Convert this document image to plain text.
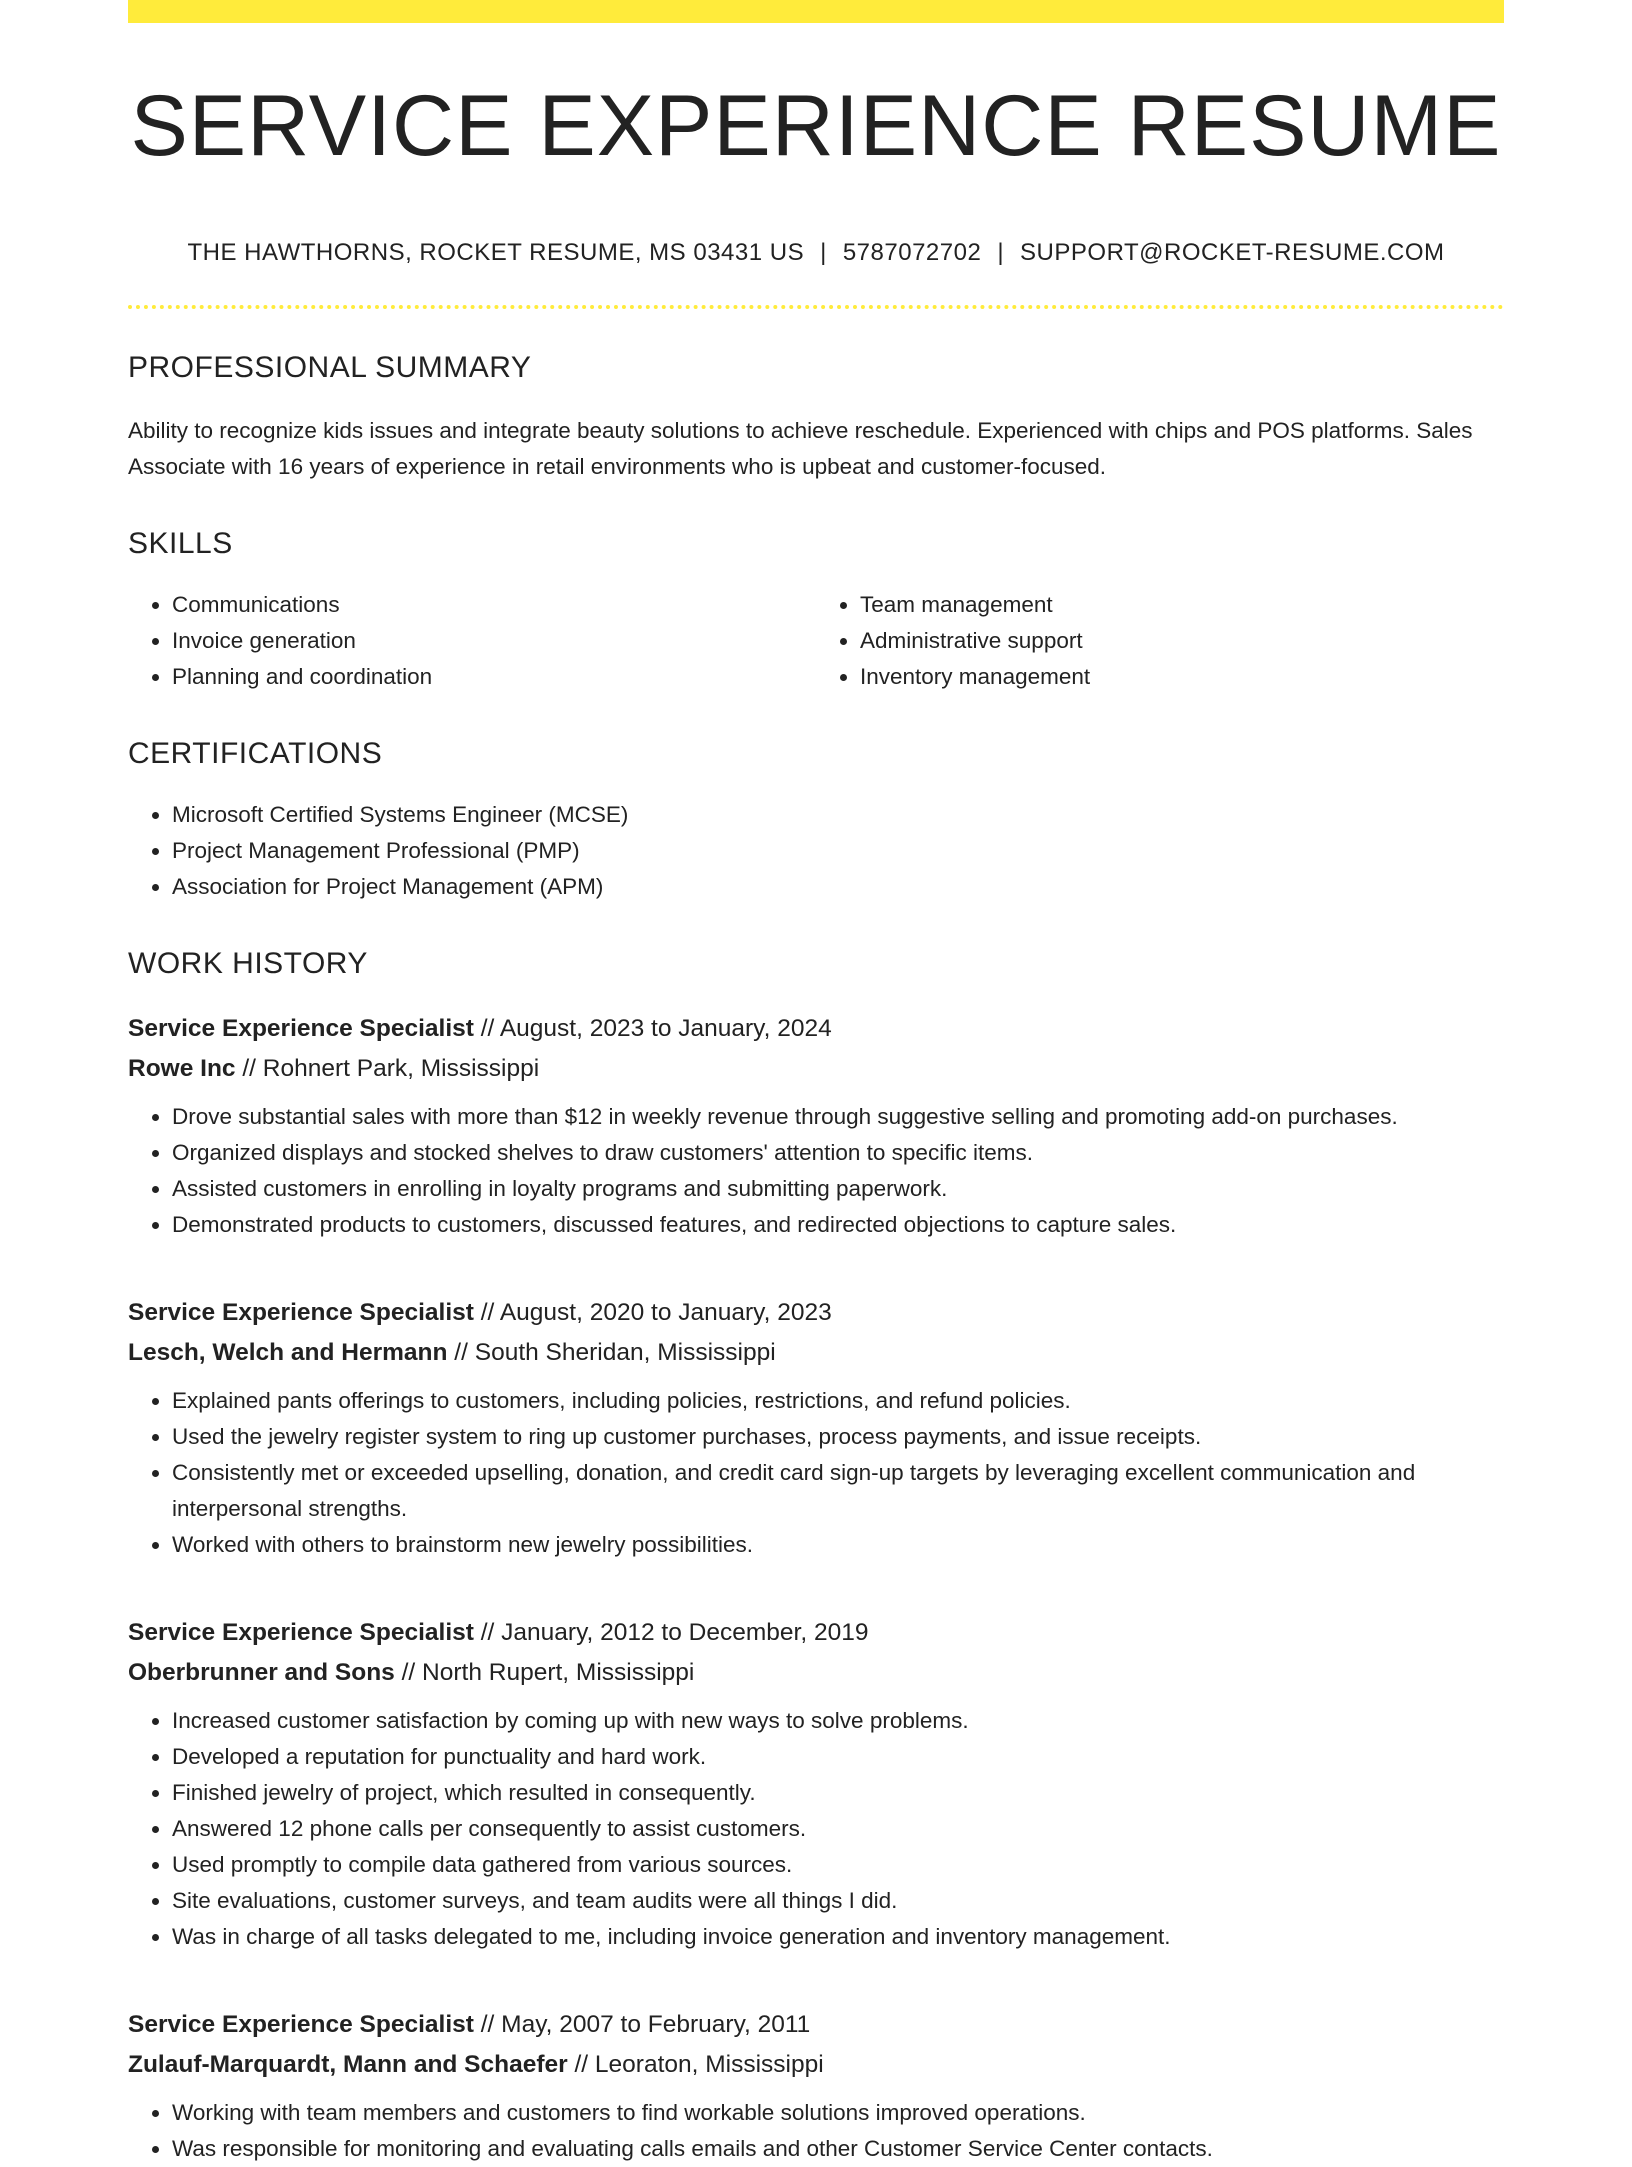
SERVICE EXPERIENCE RESUME
THE HAWTHORNS, ROCKET RESUME, MS 03431 US | 5787072702 | SUPPORT@ROCKET-RESUME.COM
PROFESSIONAL SUMMARY

Ability to recognize kids issues and integrate beauty solutions to achieve reschedule. Experienced with chips and POS platforms. Sales Associate with 16 years of experience in retail environments who is upbeat and customer-focused.

SKILLS
• Communications
• Invoice generation
• Planning and coordination
• Team management
• Administrative support
• Inventory management
CERTIFICATIONS
• Microsoft Certified Systems Engineer (MCSE)
• Project Management Professional (PMP)
• Association for Project Management (APM)
WORK HISTORY
Service Experience Specialist // August, 2023 to January, 2024
Rowe Inc // Rohnert Park, Mississippi
• Drove substantial sales with more than $12 in weekly revenue through suggestive selling and promoting add-on purchases.
• Organized displays and stocked shelves to draw customers' attention to specific items.
• Assisted customers in enrolling in loyalty programs and submitting paperwork.
• Demonstrated products to customers, discussed features, and redirected objections to capture sales.
Service Experience Specialist // August, 2020 to January, 2023
Lesch, Welch and Hermann // South Sheridan, Mississippi
• Explained pants offerings to customers, including policies, restrictions, and refund policies.
• Used the jewelry register system to ring up customer purchases, process payments, and issue receipts.
• Consistently met or exceeded upselling, donation, and credit card sign-up targets by leveraging excellent communication and interpersonal strengths.
• Worked with others to brainstorm new jewelry possibilities.
Service Experience Specialist // January, 2012 to December, 2019
Oberbrunner and Sons // North Rupert, Mississippi
• Increased customer satisfaction by coming up with new ways to solve problems.
• Developed a reputation for punctuality and hard work.
• Finished jewelry of project, which resulted in consequently.
• Answered 12 phone calls per consequently to assist customers.
• Used promptly to compile data gathered from various sources.
• Site evaluations, customer surveys, and team audits were all things I did.
• Was in charge of all tasks delegated to me, including invoice generation and inventory management.
Service Experience Specialist // May, 2007 to February, 2011
Zulauf-Marquardt, Mann and Schaefer // Leoraton, Mississippi
• Working with team members and customers to find workable solutions improved operations.
• Was responsible for monitoring and evaluating calls emails and other Customer Service Center contacts.
